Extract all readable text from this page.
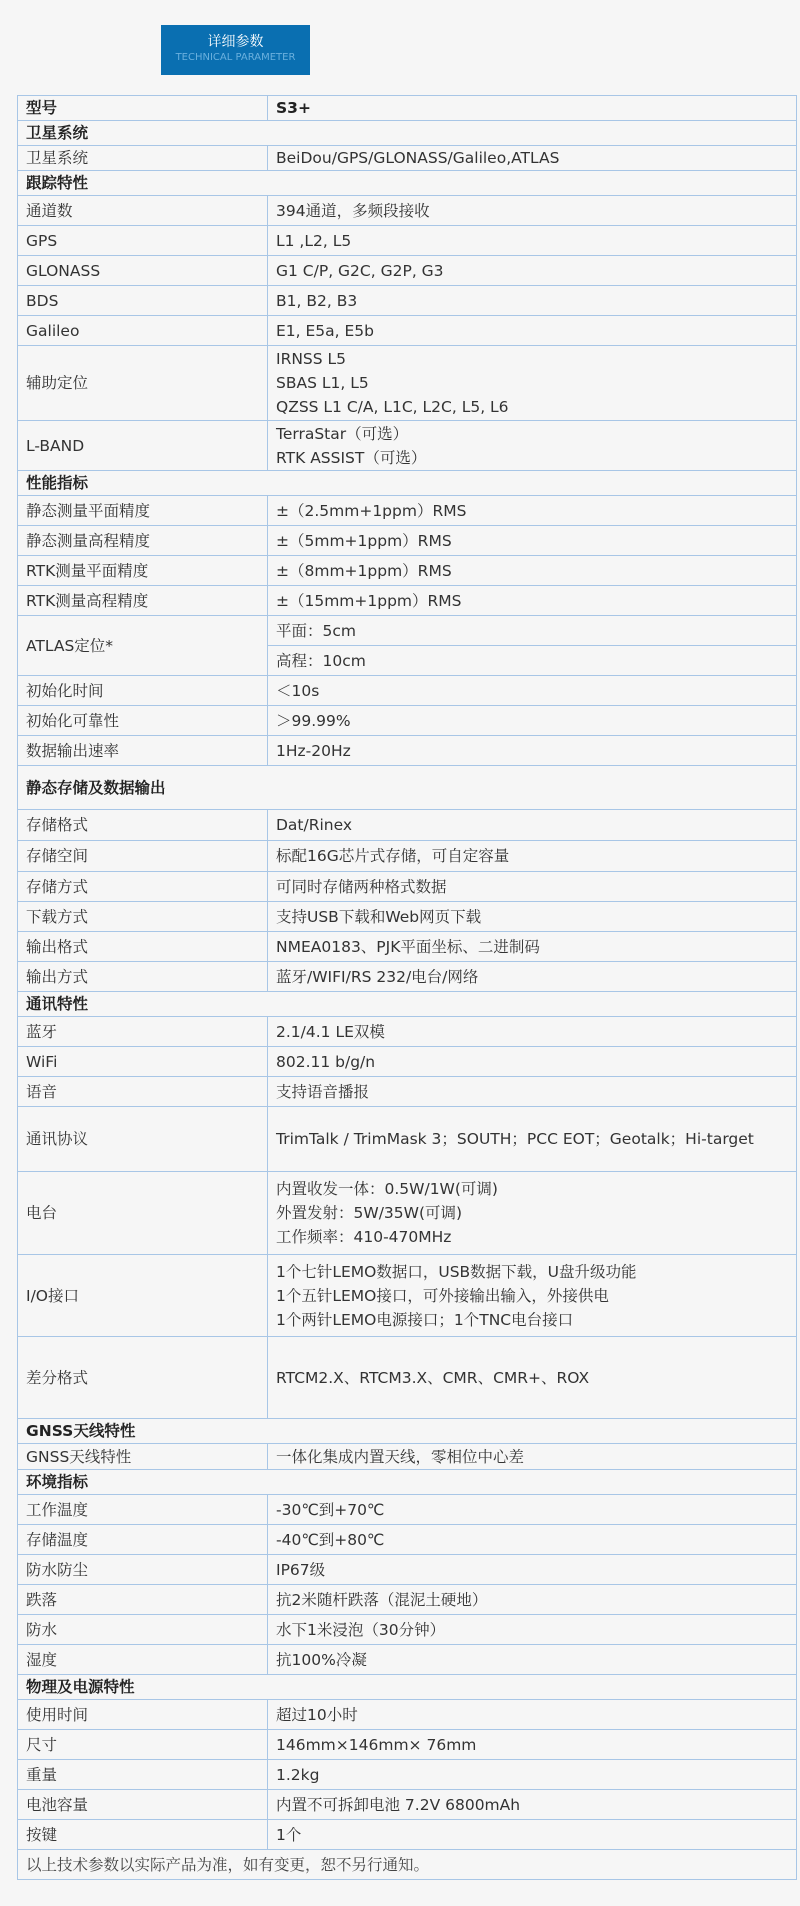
详细参数
TECHNICAL PARAMETER
型号	S3+
卫星系统	
卫星系统	BeiDou/GPS/GLONASS/Galileo,ATLAS
跟踪特性	
通道数	394通道，多频段接收
GPS	L1 ,L2, L5
GLONASS	G1 C/P, G2C, G2P, G3
BDS	B1, B2, B3
Galileo	E1, E5a, E5b
辅助定位	IRNSS L5
SBAS L1, L5
QZSS L1 C/A, L1C, L2C, L5, L6

L-BAND	TerraStar（可选）
RTK ASSIST（可选）

性能指标	
静态测量平面精度	±（2.5mm+1ppm）RMS
静态测量高程精度	±（5mm+1ppm）RMS
RTK测量平面精度	±（8mm+1ppm）RMS
RTK测量高程精度	±（15mm+1ppm）RMS
ATLAS定位*	平面：5cm
	高程：10cm
初始化时间	＜10s
初始化可靠性	＞99.99%
数据输出速率	1Hz-20Hz
静态存储及数据输出	
存储格式	Dat/Rinex
存储空间	标配16G芯片式存储，可自定容量
存储方式	可同时存储两种格式数据
下载方式	支持USB下载和Web网页下载
输出格式	NMEA0183、PJK平面坐标、二进制码
输出方式	蓝牙/WIFI/RS 232/电台/网络
通讯特性	
蓝牙	2.1/4.1 LE双模
WiFi	802.11 b/g/n
语音	支持语音播报
通讯协议	TrimTalk / TrimMask 3；SOUTH；PCC EOT；Geotalk；Hi-target
电台	内置收发一体：0.5W/1W(可调)
外置发射：5W/35W(可调)
工作频率：410-470MHz

I/O接口	1个七针LEMO数据口，USB数据下载，U盘升级功能
1个五针LEMO接口，可外接输出输入，外接供电
1个两针LEMO电源接口；1个TNC电台接口

差分格式	RTCM2.X、RTCM3.X、CMR、CMR+、ROX
GNSS天线特性	
GNSS天线特性	一体化集成内置天线，零相位中心差
环境指标	
工作温度	-30℃到+70℃
存储温度	-40℃到+80℃
防水防尘	IP67级
跌落	抗2米随杆跌落（混泥土硬地）
防水	水下1米浸泡（30分钟）
湿度	抗100%冷凝
物理及电源特性	
使用时间	超过10小时
尺寸	146mm×146mm× 76mm
重量	1.2kg
电池容量	内置不可拆卸电池 7.2V 6800mAh
按键	1个
以上技术参数以实际产品为准，如有变更，恕不另行通知。	
